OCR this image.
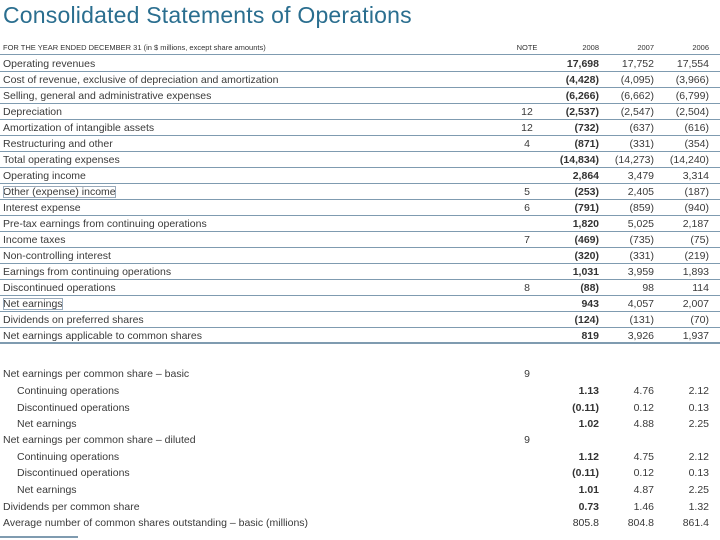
Consolidated Statements of Operations
FOR THE YEAR ENDED DECEMBER 31 (in $ millions, except share amounts)	NOTE	2008	2007	2006
Operating revenues	17,698	17,752	17,554
Cost of revenue, exclusive of depreciation and amortization	(4,428)	(4,095)	(3,966)
Selling, general and administrative expenses	(6,266)	(6,662)	(6,799)
Depreciation	12	(2,537)	(2,547)	(2,504)
Amortization of intangible assets	12	(732)	(637)	(616)
Restructuring and other	4	(871)	(331)	(354)
Total operating expenses	(14,834)	(14,273)	(14,240)
Operating income	2,864	3,479	3,314
Other (expense) income	5	(253)	2,405	(187)
Interest expense	6	(791)	(859)	(940)
Pre-tax earnings from continuing operations	1,820	5,025	2,187
Income taxes	7	(469)	(735)	(75)
Non-controlling interest	(320)	(331)	(219)
Earnings from continuing operations	1,031	3,959	1,893
Discontinued operations	8	(88)	98	114
Net earnings	943	4,057	2,007
Dividends on preferred shares	(124)	(131)	(70)
Net earnings applicable to common shares	819	3,926	1,937
Net earnings per common share – basic	9
Continuing operations	1.13	4.76	2.12
Discontinued operations	(0.11)	0.12	0.13
Net earnings	1.02	4.88	2.25
Net earnings per common share – diluted	9
Continuing operations	1.12	4.75	2.12
Discontinued operations	(0.11)	0.12	0.13
Net earnings	1.01	4.87	2.25
Dividends per common share	0.73	1.46	1.32
Average number of common shares outstanding – basic (millions)	805.8	804.8	861.4
